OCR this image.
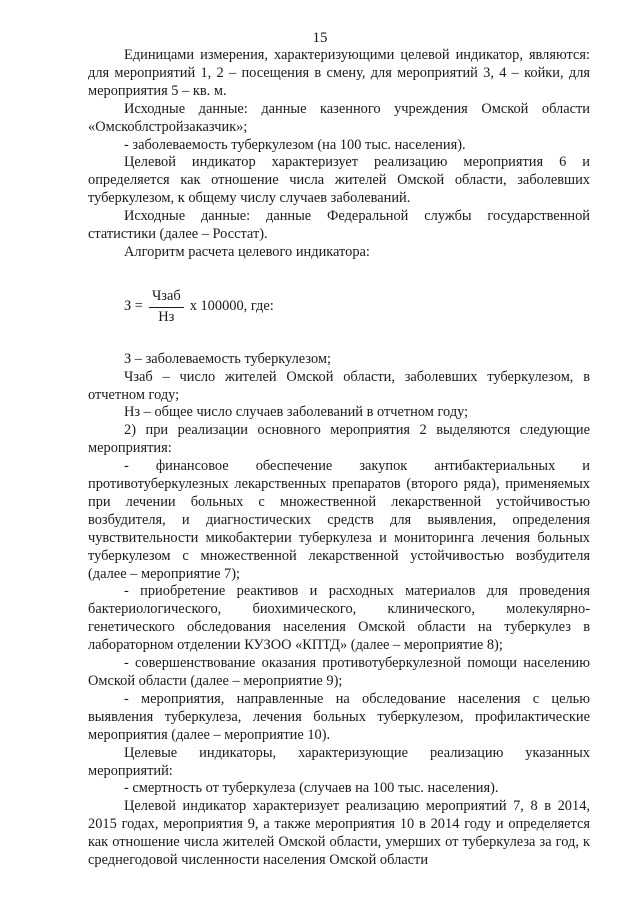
15

Единицами измерения, характеризующими целевой индикатор, являются: для мероприятий 1, 2 – посещения в смену, для мероприятий 3, 4 – койки, для мероприятия 5 – кв. м.

Исходные данные: данные казенного учреждения Омской области «Омскоблстройзаказчик»;

- заболеваемость туберкулезом (на 100 тыс. населения).

Целевой индикатор характеризует реализацию мероприятия 6 и определяется как отношение числа жителей Омской области, заболевших туберкулезом, к общему числу случаев заболеваний.

Исходные данные: данные Федеральной службы государственной статистики (далее – Росстат).

Алгоритм расчета целевого индикатора:

$З = \frac{\text{Чзаб}}{Нз}$ х 100000, где:

З – заболеваемость туберкулезом;

Чзаб – число жителей Омской области, заболевших туберкулезом, в отчетном году;

Нз – общее число случаев заболеваний в отчетном году;

2) при реализации основного мероприятия 2 выделяются следующие мероприятия:

- финансовое обеспечение закупок антибактериальных и противотуберкулезных лекарственных препаратов (второго ряда), применяемых при лечении больных с множественной лекарственной устойчивостью возбудителя, и диагностических средств для выявления, определения чувствительности микобактерии туберкулеза и мониторинга лечения больных туберкулезом с множественной лекарственной устойчивостью возбудителя (далее – мероприятие 7);

- приобретение реактивов и расходных материалов для проведения бактериологического, биохимического, клинического, молекулярно-генетического обследования населения Омской области на туберкулез в лабораторном отделении КУЗОО «КПТД» (далее – мероприятие 8);

- совершенствование оказания противотуберкулезной помощи населению Омской области (далее – мероприятие 9);

- мероприятия, направленные на обследование населения с целью выявления туберкулеза, лечения больных туберкулезом, профилактические мероприятия (далее – мероприятие 10).

Целевые индикаторы, характеризующие реализацию указанных мероприятий:

- смертность от туберкулеза (случаев на 100 тыс. населения).

Целевой индикатор характеризует реализацию мероприятий 7, 8 в 2014, 2015 годах, мероприятия 9, а также мероприятия 10 в 2014 году и определяется как отношение числа жителей Омской области, умерших от туберкулеза за год, к среднегодовой численности населения Омской области
